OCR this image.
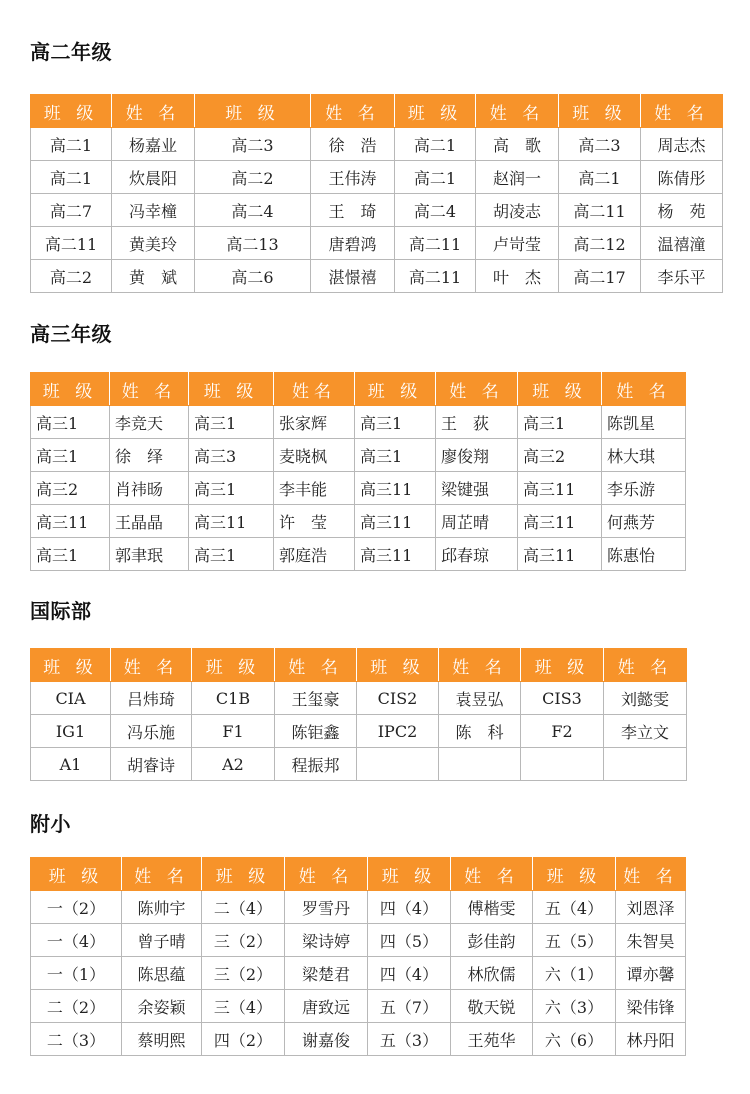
高二年级
班 级	姓 名	班 级	姓 名	班 级	姓 名	班 级	姓 名
高二1	杨嘉业	高二3	徐　浩	高二1	高　歌	高二3	周志杰
高二1	炊晨阳	高二2	王伟涛	高二1	赵润一	高二1	陈倩彤
高二7	冯幸橦	高二4	王　琦	高二4	胡凌志	高二11	杨　苑
高二11	黄美玲	高二13	唐碧鸿	高二11	卢岢莹	高二12	温禧潼
高二2	黄　斌	高二6	湛憬禧	高二11	叶　杰	高二17	李乐平
高三年级
班 级	姓 名	班 级	姓名	班 级	姓 名	班 级	姓 名
高三1	李竞天	高三1	张家辉	高三1	王　荻	高三1	陈凯星
高三1	徐　绎	高三3	麦晓枫	高三1	廖俊翔	高三2	林大琪
高三2	肖祎旸	高三1	李丰能	高三11	梁键强	高三11	李乐游
高三11	王晶晶	高三11	许　莹	高三11	周芷晴	高三11	何燕芳
高三1	郭聿珉	高三1	郭庭浩	高三11	邱春琼	高三11	陈惠怡
国际部
班 级	姓 名	班 级	姓 名	班 级	姓 名	班 级	姓 名
CIA	吕炜琦	C1B	王玺豪	CIS2	袁昱弘	CIS3	刘懿雯
IG1	冯乐施	F1	陈钜鑫	IPC2	陈　科	F2	李立文
A1	胡睿诗	A2	程振邦				
附小
班 级	姓 名	班 级	姓 名	班 级	姓 名	班 级	姓 名
一（2）	陈帅宇	二（4）	罗雪丹	四（4）	傅楷雯	五（4）	刘恩泽
一（4）	曾子晴	三（2）	梁诗婷	四（5）	彭佳韵	五（5）	朱智昊
一（1）	陈思蕴	三（2）	梁楚君	四（4）	林欣儒	六（1）	谭亦馨
二（2）	余姿颖	三（4）	唐致远	五（7）	敬天锐	六（3）	梁伟锋
二（3）	蔡明熙	四（2）	谢嘉俊	五（3）	王苑华	六（6）	林丹阳
